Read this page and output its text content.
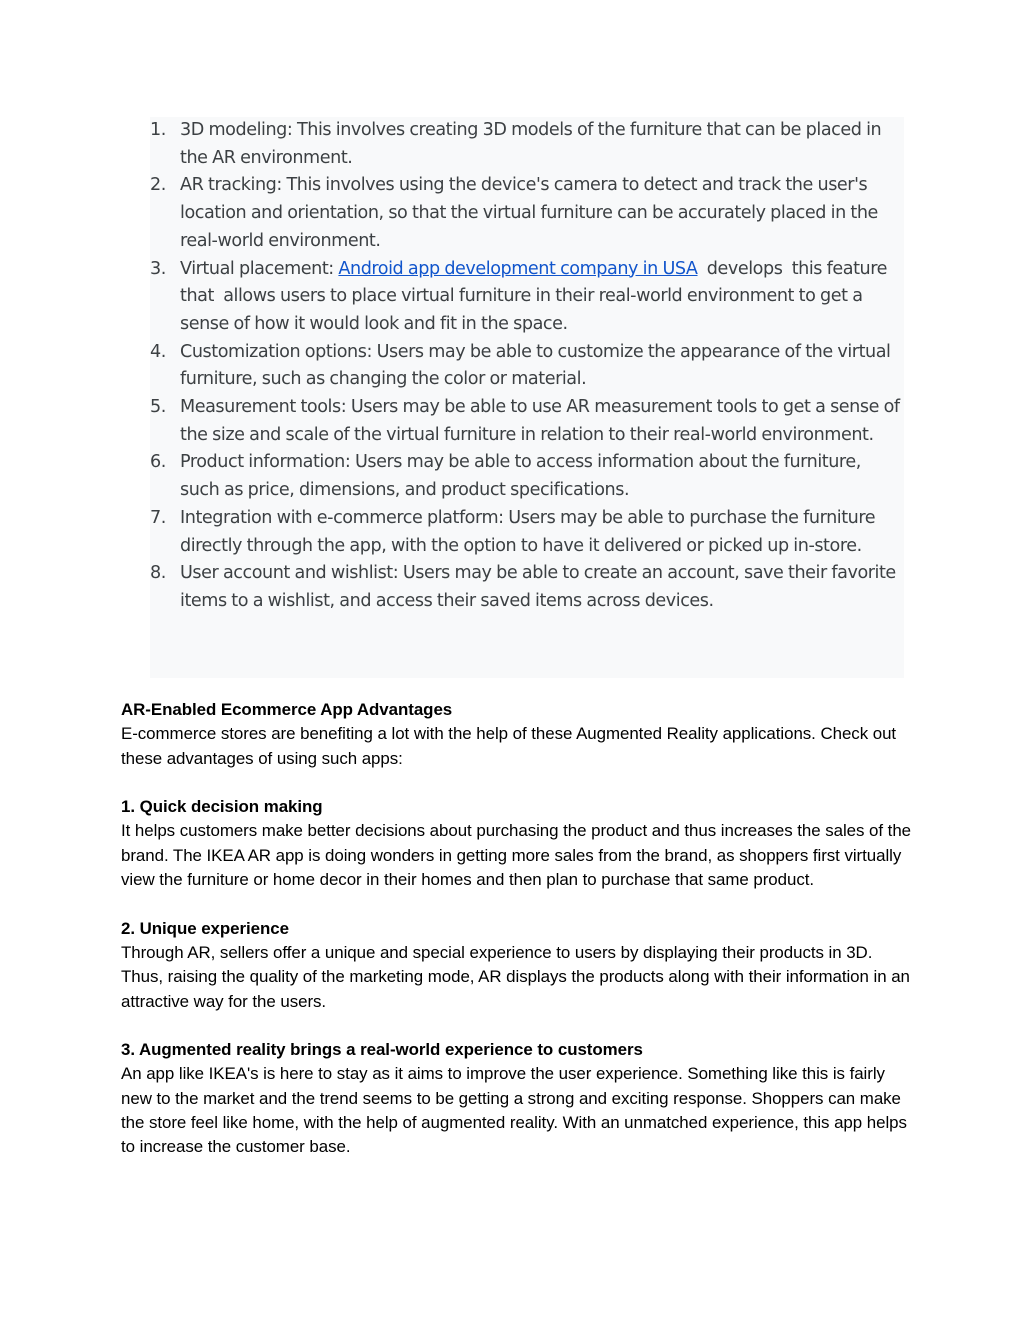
1. 3D modeling: This involves creating 3D models of the furniture that can be placed in the AR environment.
2. AR tracking: This involves using the device's camera to detect and track the user's location and orientation, so that the virtual furniture can be accurately placed in the real-world environment.
3. Virtual placement: Android app development company in USA  develops  this feature that  allows users to place virtual furniture in their real-world environment to get a sense of how it would look and fit in the space.
4. Customization options: Users may be able to customize the appearance of the virtual furniture, such as changing the color or material.
5. Measurement tools: Users may be able to use AR measurement tools to get a sense of the size and scale of the virtual furniture in relation to their real-world environment.
6. Product information: Users may be able to access information about the furniture, such as price, dimensions, and product specifications.
7. Integration with e-commerce platform: Users may be able to purchase the furniture directly through the app, with the option to have it delivered or picked up in-store.
8. User account and wishlist: Users may be able to create an account, save their favorite items to a wishlist, and access their saved items across devices.
AR-Enabled Ecommerce App Advantages
E-commerce stores are benefiting a lot with the help of these Augmented Reality applications. Check out these advantages of using such apps:
1. Quick decision making
It helps customers make better decisions about purchasing the product and thus increases the sales of the brand. The IKEA AR app is doing wonders in getting more sales from the brand, as shoppers first virtually view the furniture or home decor in their homes and then plan to purchase that same product.
2. Unique experience
Through AR, sellers offer a unique and special experience to users by displaying their products in 3D. Thus, raising the quality of the marketing mode, AR displays the products along with their information in an attractive way for the users.
3. Augmented reality brings a real-world experience to customers
An app like IKEA's is here to stay as it aims to improve the user experience. Something like this is fairly new to the market and the trend seems to be getting a strong and exciting response. Shoppers can make the store feel like home, with the help of augmented reality. With an unmatched experience, this app helps to increase the customer base.
